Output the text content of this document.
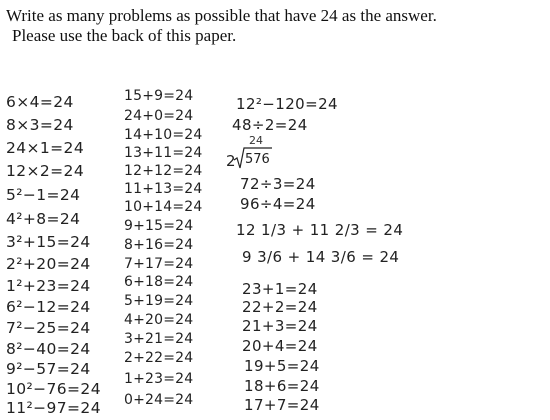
Write as many problems as possible that have 24 as the answer.
Please use the back of this paper.
6×4=24
8×3=24
24×1=24
12×2=24
5²−1=24
4²+8=24
3²+15=24
2²+20=24
1²+23=24
6²−12=24
7²−25=24
8²−40=24
9²−57=24
10²−76=24
11²−97=24
15+9=24
24+0=24
14+10=24
13+11=24
12+12=24
11+13=24
10+14=24
9+15=24
8+16=24
7+17=24
6+18=24
5+19=24
4+20=24
3+21=24
2+22=24
1+23=24
0+24=24
12²−120=24
48÷2=24
24
2 576
72÷3=24
96÷4=24
12 1/3 + 11 2/3 = 24
9 3/6 + 14 3/6 = 24
23+1=24
22+2=24
21+3=24
20+4=24
19+5=24
18+6=24
17+7=24
